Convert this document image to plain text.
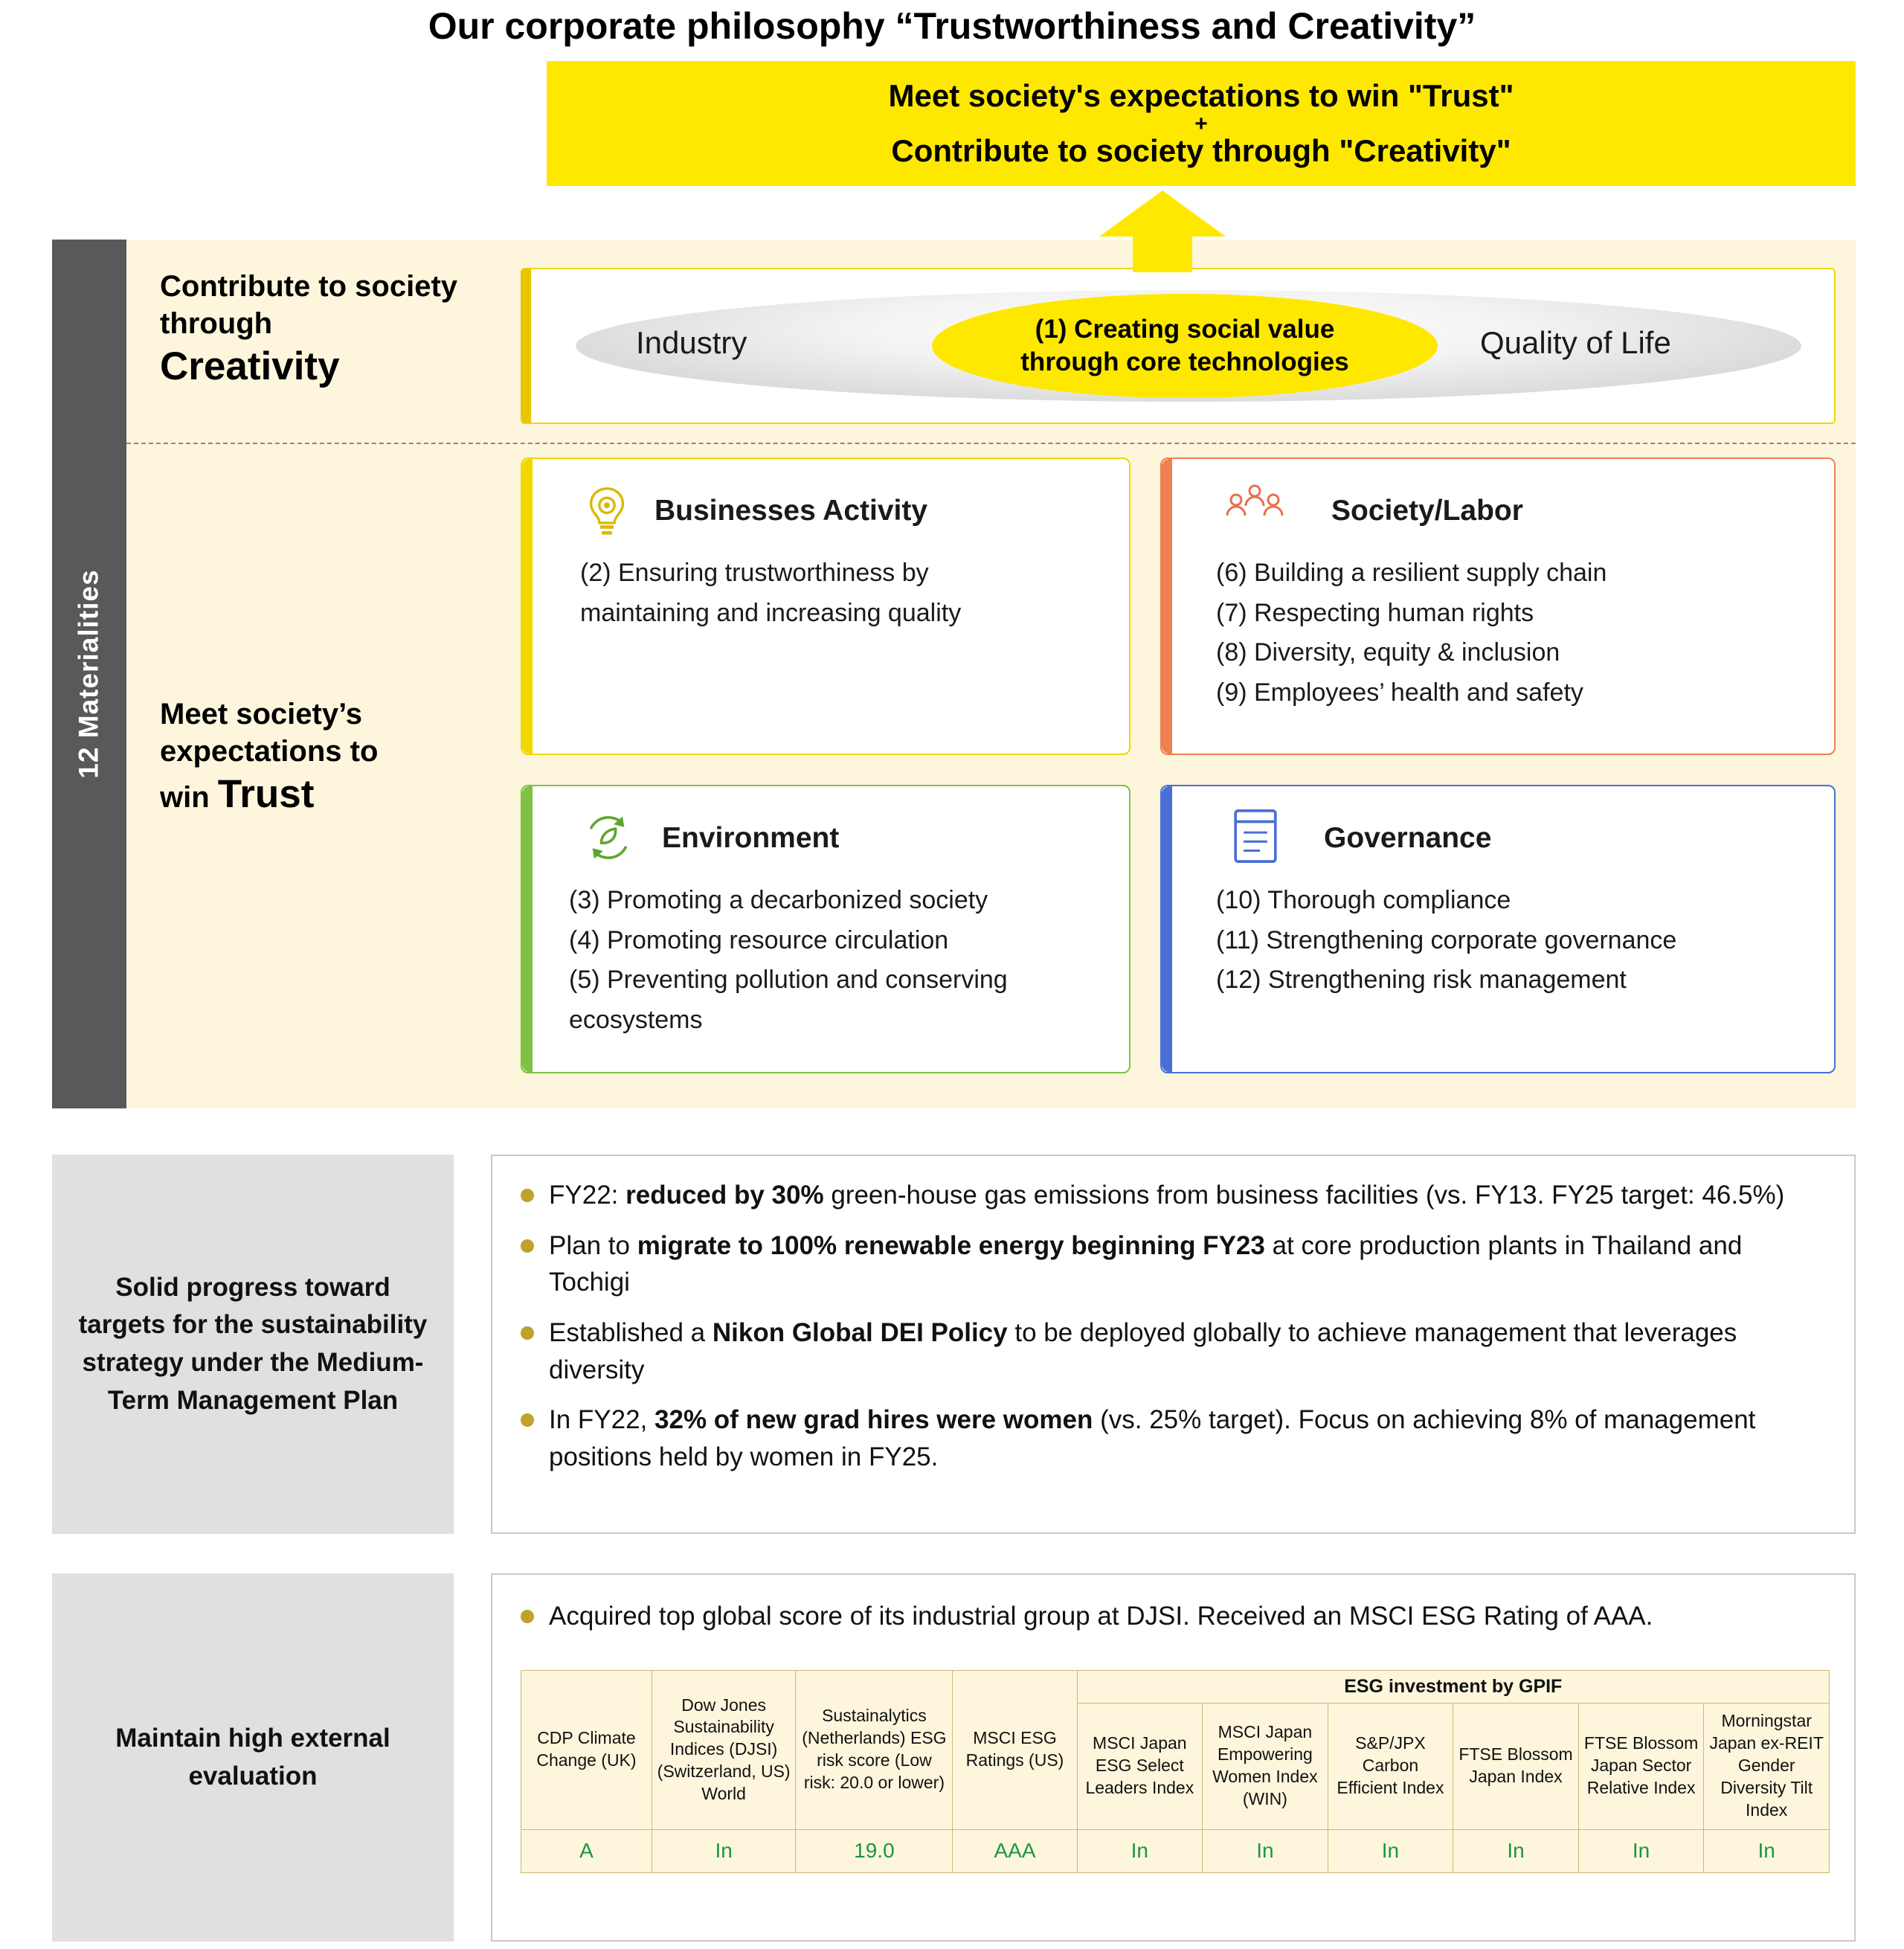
Our corporate philosophy “Trustworthiness and Creativity”
Meet society's expectations to win "Trust"
+
Contribute to society through "Creativity"
12 Materialities
Contribute to society through
Creativity
Meet society’s expectations to
win Trust
Industry	Quality of Life
(1) Creating social value
through core technologies
Businesses Activity
(2) Ensuring trustworthiness by
maintaining and increasing quality
Society/Labor
(6) Building a resilient supply chain
(7) Respecting human rights
(8) Diversity, equity & inclusion
(9) Employees’ health and safety
Environment
(3) Promoting a decarbonized society
(4) Promoting resource circulation
(5) Preventing pollution and conserving
ecosystems
Governance
(10) Thorough compliance
(11) Strengthening corporate governance
(12) Strengthening risk management
Solid progress toward targets for the sustainability strategy under the Medium-Term Management Plan
FY22: reduced by 30% green-house gas emissions from business facilities (vs. FY13. FY25 target: 46.5%)
Plan to migrate to 100% renewable energy beginning FY23 at core production plants in Thailand and Tochigi
Established a Nikon Global DEI Policy to be deployed globally to achieve management that leverages diversity
In FY22, 32% of new grad hires were women (vs. 25% target). Focus on achieving 8% of management positions held by women in FY25.
Maintain high external evaluation
Acquired top global score of its industrial group at DJSI. Received an MSCI ESG Rating of AAA.
CDP Climate Change (UK)	Dow Jones Sustainability Indices (DJSI) (Switzerland, US) World	Sustainalytics (Netherlands) ESG risk score (Low risk: 20.0 or lower)	MSCI ESG Ratings (US)	ESG investment by GPIF					
				MSCI Japan ESG Select Leaders Index	MSCI Japan Empowering Women Index (WIN)	S&P/JPX Carbon Efficient Index	FTSE Blossom Japan Index	FTSE Blossom Japan Sector Relative Index	Morningstar Japan ex-REIT Gender Diversity Tilt Index
A	In	19.0	AAA	In	In	In	In	In	In
